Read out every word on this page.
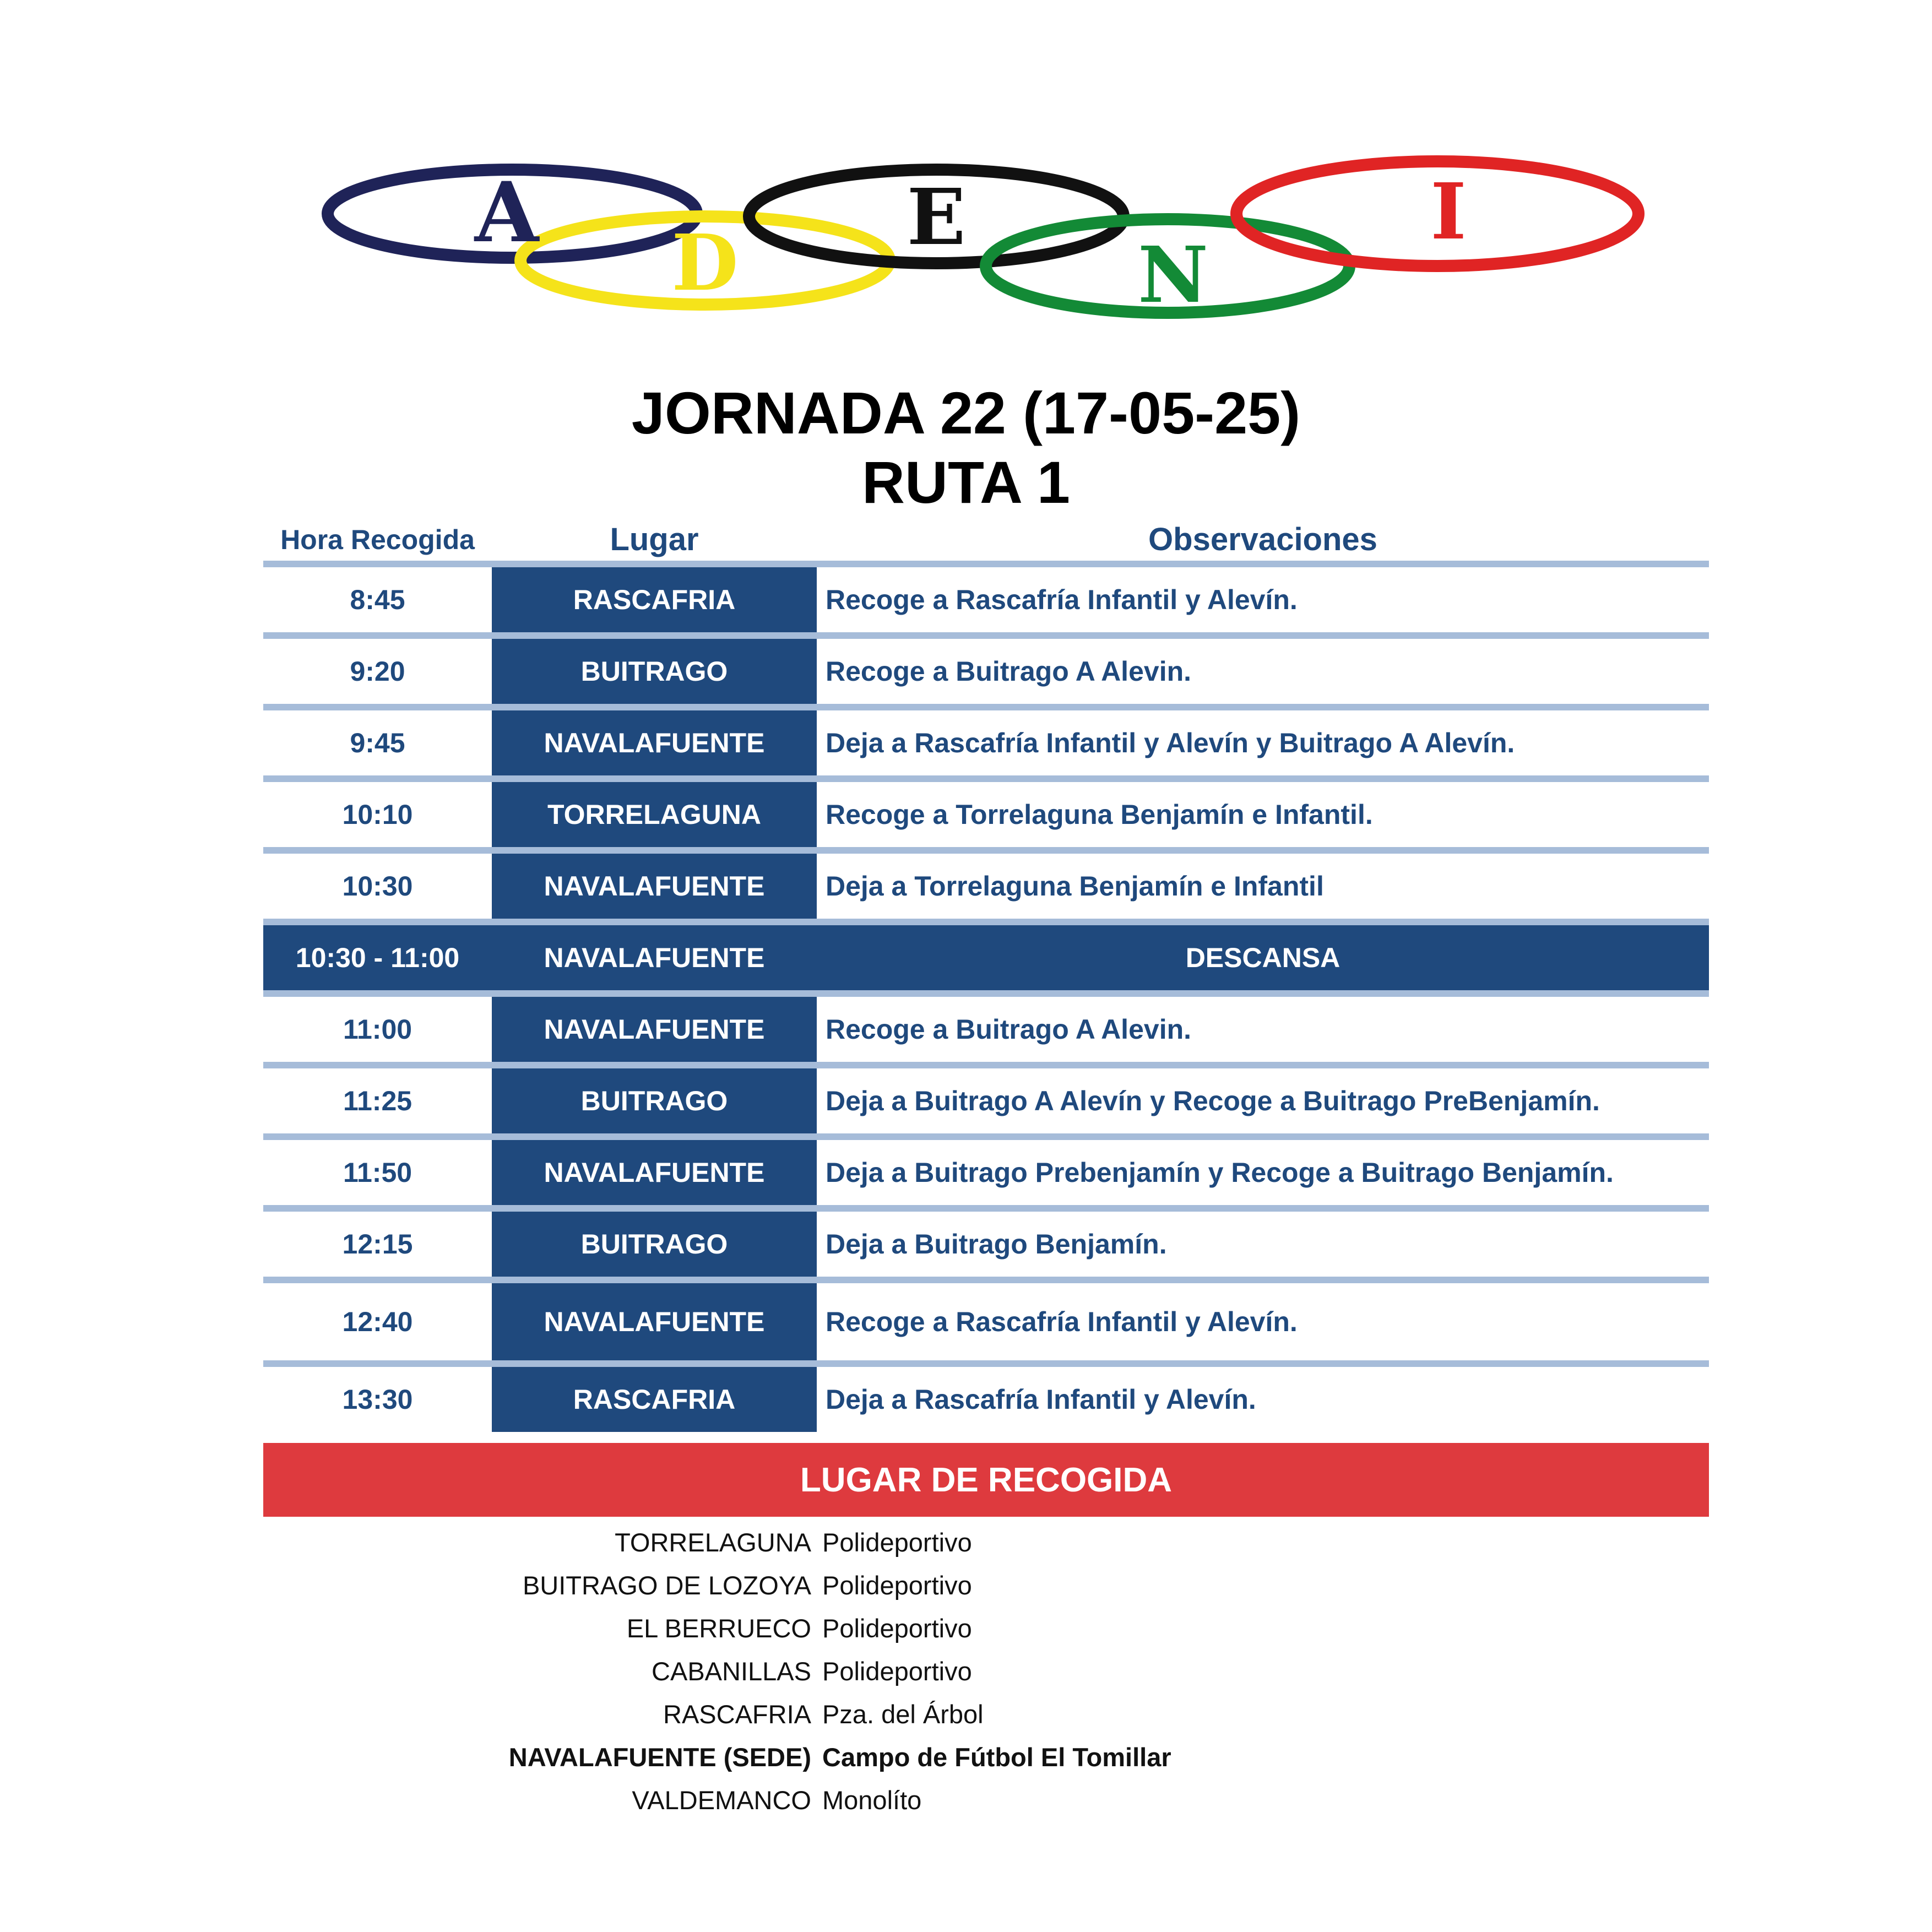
A
D
E
N
I
JORNADA 22 (17-05-25)
RUTA 1
Hora Recogida	Lugar	Observaciones
8:45	RASCAFRIA	Recoge a Rascafría Infantil y Alevín.
9:20	BUITRAGO	Recoge a Buitrago A Alevin.
9:45	NAVALAFUENTE	Deja a Rascafría Infantil y Alevín y Buitrago A Alevín.
10:10	TORRELAGUNA	Recoge a Torrelaguna Benjamín e Infantil.
10:30	NAVALAFUENTE	Deja a Torrelaguna Benjamín e Infantil
10:30 - 11:00	NAVALAFUENTE	DESCANSA
11:00	NAVALAFUENTE	Recoge a Buitrago A Alevin.
11:25	BUITRAGO	Deja a Buitrago A Alevín y Recoge a Buitrago PreBenjamín.
11:50	NAVALAFUENTE	Deja a Buitrago Prebenjamín y Recoge a Buitrago Benjamín.
12:15	BUITRAGO	Deja a Buitrago Benjamín.
12:40	NAVALAFUENTE	Recoge a Rascafría Infantil y Alevín.
13:30	RASCAFRIA	Deja a Rascafría Infantil y Alevín.
LUGAR DE RECOGIDA
TORRELAGUNA Polideportivo
BUITRAGO DE LOZOYA Polideportivo
EL BERRUECO Polideportivo
CABANILLAS Polideportivo
RASCAFRIA Pza. del Árbol
NAVALAFUENTE (SEDE) Campo de Fútbol El Tomillar
VALDEMANCO Monolíto
